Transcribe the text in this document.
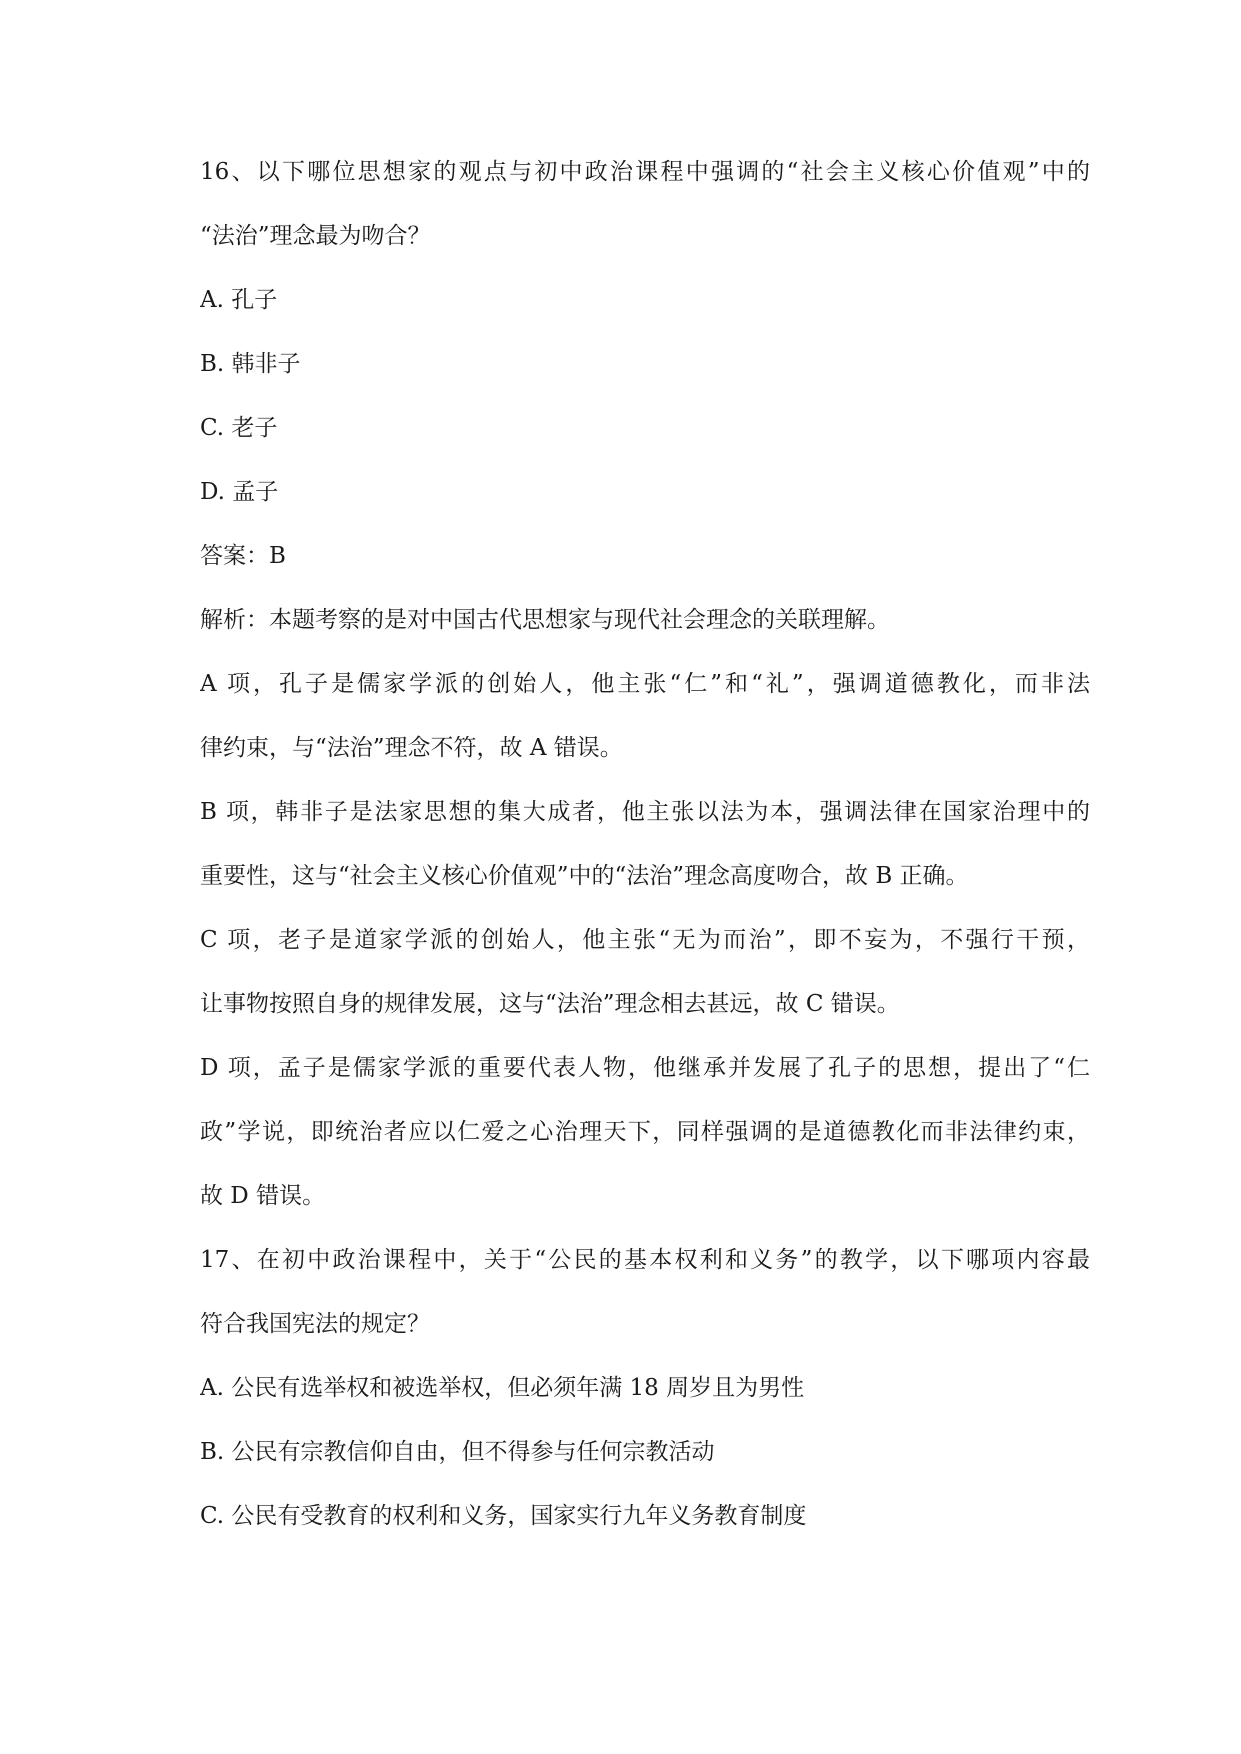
16、以下哪位思想家的观点与初中政治课程中强调的“社会主义核心价值观”中的
“法治”理念最为吻合？
A. 孔子
B. 韩非子
C. 老子
D. 孟子
答案：B
解析：本题考察的是对中国古代思想家与现代社会理念的关联理解。
A 项，孔子是儒家学派的创始人，他主张“仁”和“礼”，强调道德教化，而非法
律约束，与“法治”理念不符，故 A 错误。
B 项，韩非子是法家思想的集大成者，他主张以法为本，强调法律在国家治理中的
重要性，这与“社会主义核心价值观”中的“法治”理念高度吻合，故 B 正确。
C 项，老子是道家学派的创始人，他主张“无为而治”，即不妄为，不强行干预，
让事物按照自身的规律发展，这与“法治”理念相去甚远，故 C 错误。
D 项，孟子是儒家学派的重要代表人物，他继承并发展了孔子的思想，提出了“仁
政”学说，即统治者应以仁爱之心治理天下，同样强调的是道德教化而非法律约束，
故 D 错误。
17、在初中政治课程中，关于“公民的基本权利和义务”的教学，以下哪项内容最
符合我国宪法的规定？
A. 公民有选举权和被选举权，但必须年满 18 周岁且为男性
B. 公民有宗教信仰自由，但不得参与任何宗教活动
C. 公民有受教育的权利和义务，国家实行九年义务教育制度
